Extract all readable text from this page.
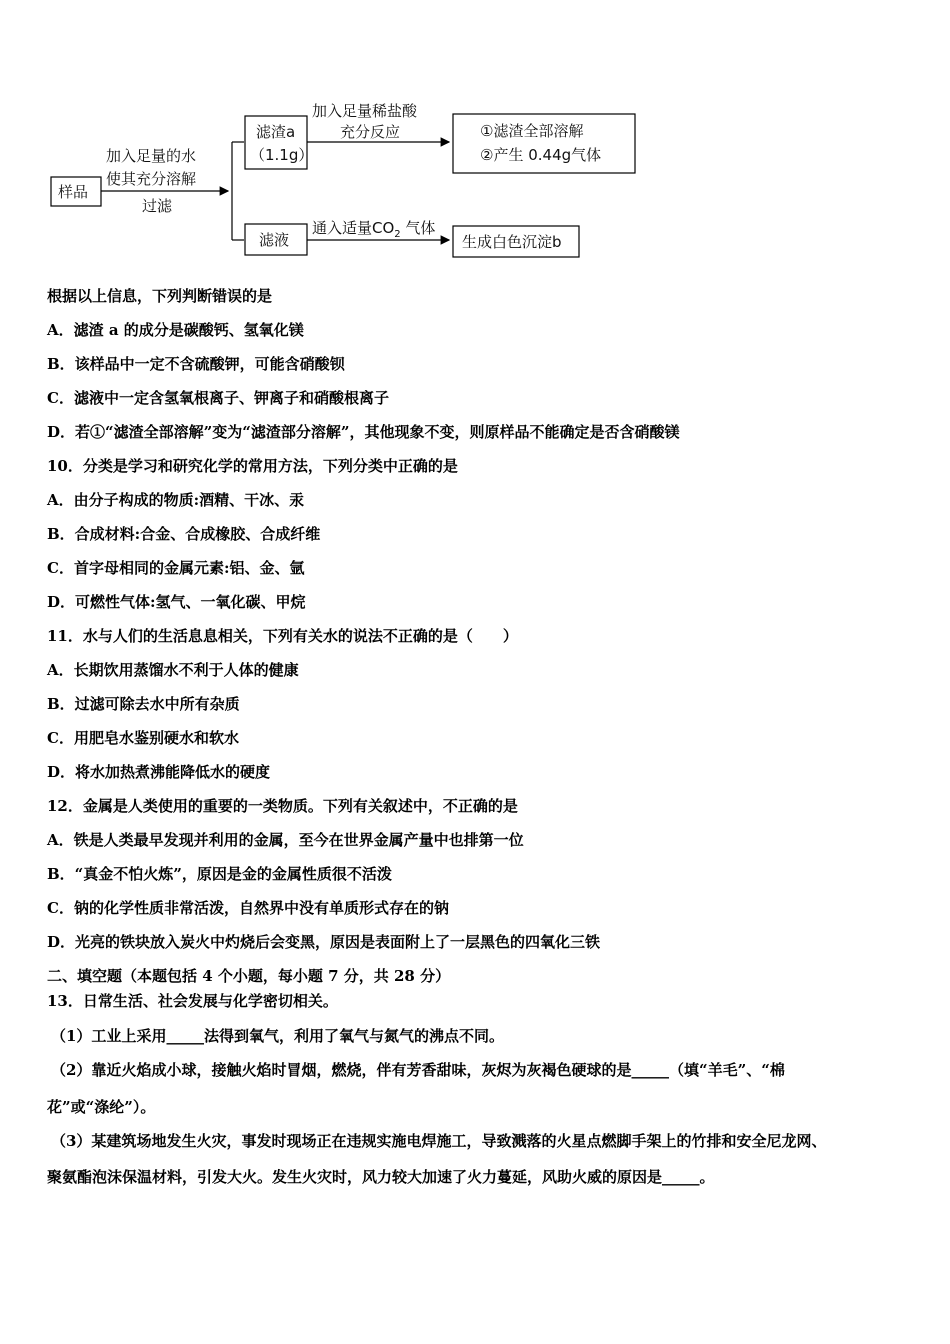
样品
加入足量的水
使其充分溶解
过滤
滤渣a
（1.1g）
加入足量稀盐酸
充分反应	①滤渣全部溶解
②产生 0.44g气体
滤液
通入适量$CO_2$ 气体
生成白色沉淀b
根据以上信息，下列判断错误的是
A．滤渣 a 的成分是碳酸钙、氢氧化镁
B．该样品中一定不含硫酸钾，可能含硝酸钡
C．滤液中一定含氢氧根离子、钾离子和硝酸根离子
D．若①“滤渣全部溶解”变为“滤渣部分溶解”，其他现象不变，则原样品不能确定是否含硝酸镁
10．分类是学习和研究化学的常用方法，下列分类中正确的是
A．由分子构成的物质:酒精、干冰、汞
B．合成材料:合金、合成橡胶、合成纤维
C．首字母相同的金属元素:铝、金、氩
D．可燃性气体:氢气、一氧化碳、甲烷
11．水与人们的生活息息相关，下列有关水的说法不正确的是（　　）
A．长期饮用蒸馏水不利于人体的健康
B．过滤可除去水中所有杂质
C．用肥皂水鉴别硬水和软水
D．将水加热煮沸能降低水的硬度
12．金属是人类使用的重要的一类物质。下列有关叙述中，不正确的是
A．铁是人类最早发现并利用的金属，至今在世界金属产量中也排第一位
B．“真金不怕火炼”，原因是金的金属性质很不活泼
C．钠的化学性质非常活泼，自然界中没有单质形式存在的钠
D．光亮的铁块放入炭火中灼烧后会变黑，原因是表面附上了一层黑色的四氧化三铁
二、填空题（本题包括 4 个小题，每小题 7 分，共 28 分）
13．日常生活、社会发展与化学密切相关。
（1）工业上采用_____法得到氧气，利用了氧气与氮气的沸点不同。
（2）靠近火焰成小球，接触火焰时冒烟，燃烧，伴有芳香甜味，灰烬为灰褐色硬球的是_____（填“羊毛”、“棉
花”或“涤纶”）。
（3）某建筑场地发生火灾，事发时现场正在违规实施电焊施工，导致溅落的火星点燃脚手架上的竹排和安全尼龙网、
聚氨酯泡沫保温材料，引发大火。发生火灾时，风力较大加速了火力蔓延，风助火威的原因是_____。
